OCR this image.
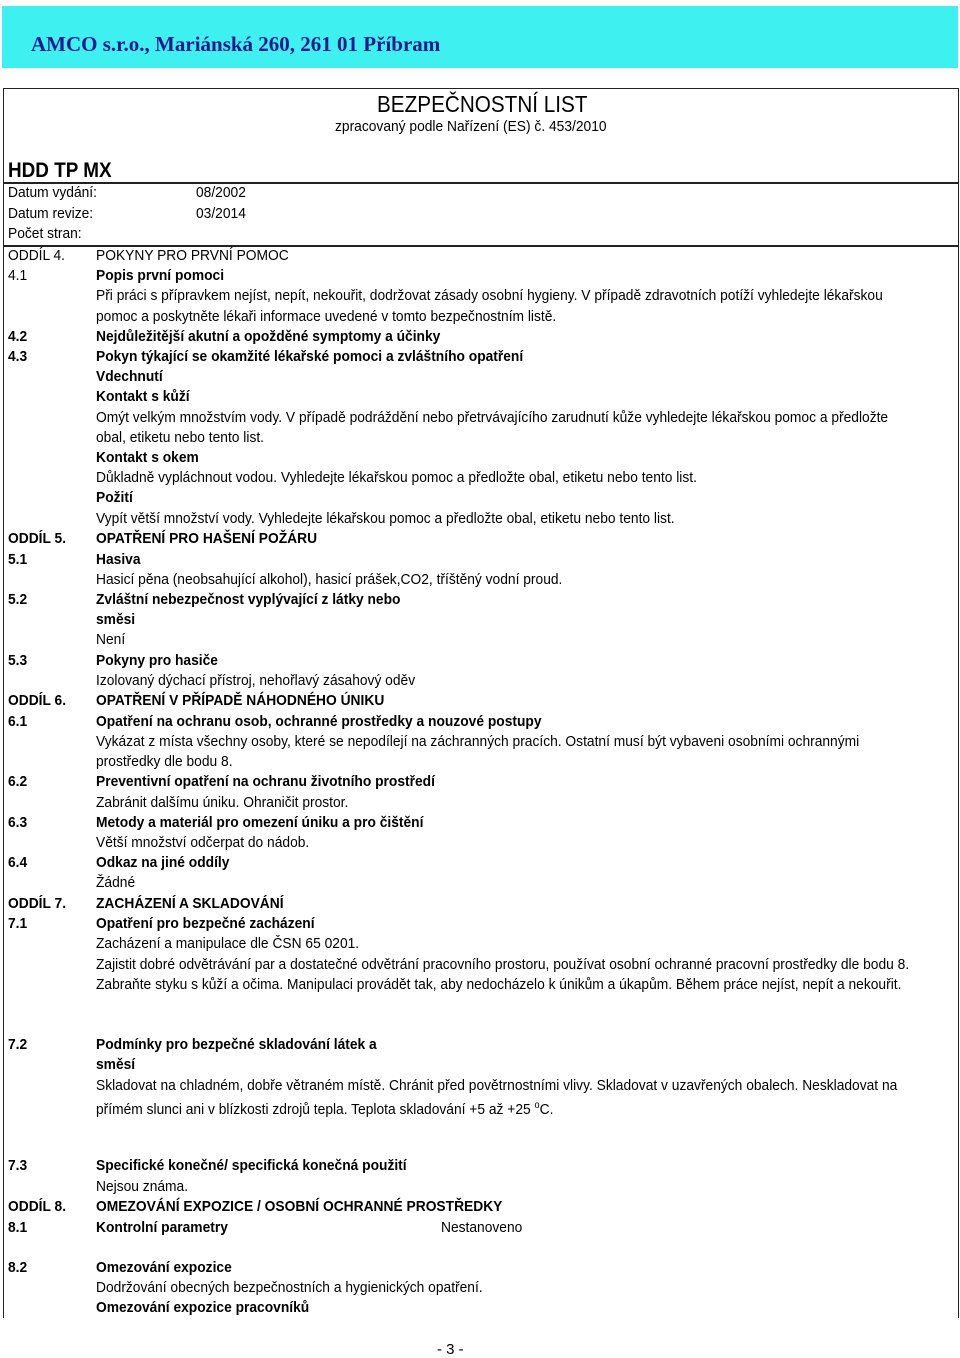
AMCO s.r.o., Mariánská 260, 261 01 Příbram
BEZPEČNOSTNÍ LIST
zpracovaný podle Nařízení (ES) č. 453/2010
HDD TP MX
Datum vydání:	08/2002
Datum revize:	03/2014
Počet stran:
ODDÍL 4. POKYNY PRO PRVNÍ POMOC
4.1	Popis první pomoci
Při práci s přípravkem nejíst, nepít, nekouřit, dodržovat zásady osobní hygieny. V případě zdravotních potíží vyhledejte lékařskou
pomoc a poskytněte lékaři informace uvedené v tomto bezpečnostním listě.
4.2	Nejdůležitější akutní a opožděné symptomy a účinky
4.3	Pokyn týkající se okamžité lékařské pomoci a zvláštního opatření
Vdechnutí
Kontakt s kůží
Omýt velkým množstvím vody. V případě podráždění nebo přetrvávajícího zarudnutí kůže vyhledejte lékařskou pomoc a předložte
obal, etiketu nebo tento list.
Kontakt s okem
Důkladně vypláchnout vodou. Vyhledejte lékařskou pomoc a předložte obal, etiketu nebo tento list.
Požití
Vypít větší množství vody. Vyhledejte lékařskou pomoc a předložte obal, etiketu nebo tento list.
ODDÍL 5. OPATŘENÍ PRO HAŠENÍ POŽÁRU
5.1	Hasiva
Hasicí pěna (neobsahující alkohol), hasicí prášek,CO2, tříštěný vodní proud.
5.2	Zvláštní nebezpečnost vyplývající z látky nebo
směsi
Není
5.3	Pokyny pro hasiče
Izolovaný dýchací přístroj, nehořlavý zásahový oděv
ODDÍL 6. OPATŘENÍ V PŘÍPADĚ NÁHODNÉHO ÚNIKU
6.1	Opatření na ochranu osob, ochranné prostředky a nouzové postupy
Vykázat z místa všechny osoby, které se nepodílejí na záchranných pracích. Ostatní musí být vybaveni osobními ochrannými
prostředky dle bodu 8.
6.2	Preventivní opatření na ochranu životního prostředí
Zabránit dalšímu úniku. Ohraničit prostor.
6.3	Metody a materiál pro omezení úniku a pro čištění
Větší množství odčerpat do nádob.
6.4	Odkaz na jiné oddíly
Žádné
ODDÍL 7. ZACHÁZENÍ A SKLADOVÁNÍ
7.1	Opatření pro bezpečné zacházení
Zacházení a manipulace dle ČSN 65 0201.
Zajistit dobré odvětrávání par a dostatečné odvětrání pracovního prostoru, používat osobní ochranné pracovní prostředky dle bodu 8.
Zabraňte styku s kůží a očima. Manipulaci provádět tak, aby nedocházelo k únikům a úkapům. Během práce nejíst, nepít a nekouřit.
7.2	Podmínky pro bezpečné skladování látek a
směsí
Skladovat na chladném, dobře větraném místě. Chránit před povětrnostními vlivy. Skladovat v uzavřených obalech. Neskladovat na
přímém slunci ani v blízkosti zdrojů tepla. Teplota skladování +5 až +25 $^o$C.
7.3	Specifické konečné/ specifická konečná použití
Nejsou známa.
ODDÍL 8. OMEZOVÁNÍ EXPOZICE / OSOBNÍ OCHRANNÉ PROSTŘEDKY
8.1	Kontrolní parametry	Nestanoveno
8.2	Omezování expozice
Dodržování obecných bezpečnostních a hygienických opatření.
Omezování expozice pracovníků
- 3 -
